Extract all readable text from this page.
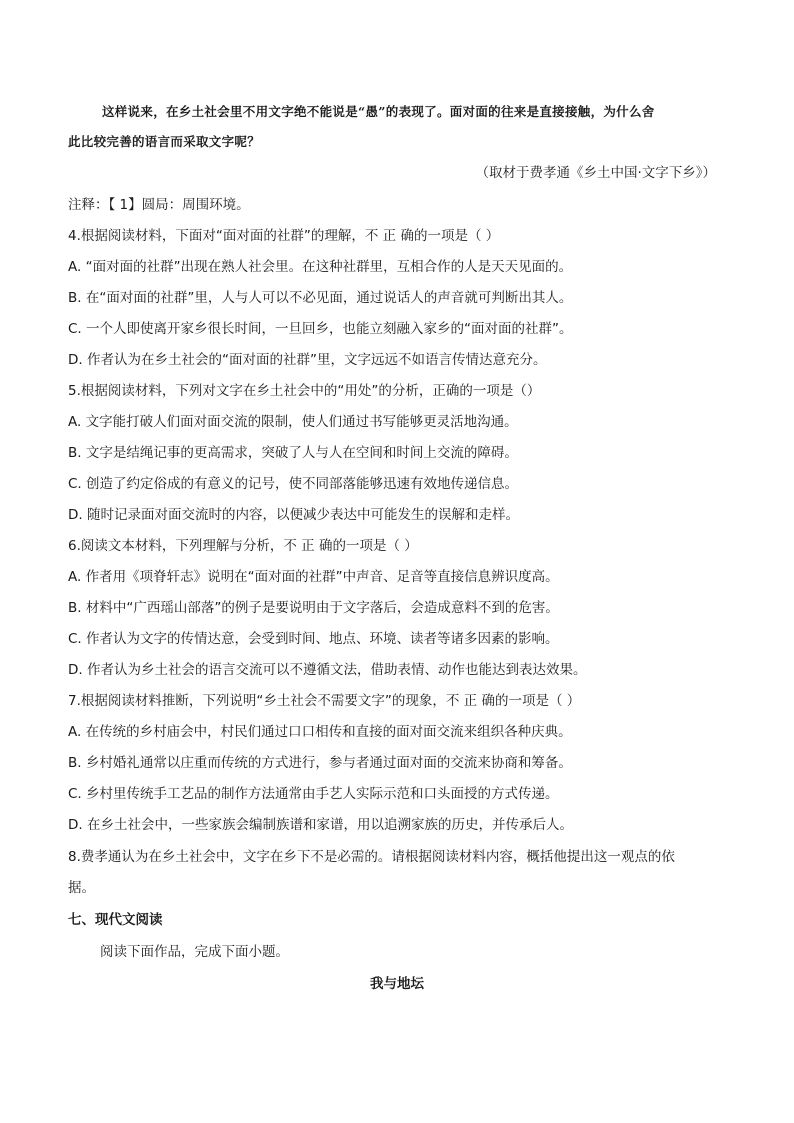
这样说来，在乡土社会里不用文字绝不能说是“愚”的表现了。面对面的往来是直接接触，为什么舍
此比较完善的语言而采取文字呢？
（取材于费孝通《乡土中国·文字下乡》）
注释：【 1】圆局：周围环境。
4.根据阅读材料，下面对“面对面的社群”的理解，不 正 确的一项是（ ）
A. “面对面的社群”出现在熟人社会里。在这种社群里，互相合作的人是天天见面的。
B. 在“面对面的社群”里，人与人可以不必见面，通过说话人的声音就可判断出其人。
C. 一个人即使离开家乡很长时间，一旦回乡，也能立刻融入家乡的“面对面的社群”。
D. 作者认为在乡土社会的“面对面的社群”里，文字远远不如语言传情达意充分。
5.根据阅读材料，下列对文字在乡土社会中的“用处”的分析，正确的一项是（）
A. 文字能打破人们面对面交流的限制，使人们通过书写能够更灵活地沟通。
B. 文字是结绳记事的更高需求，突破了人与人在空间和时间上交流的障碍。
C. 创造了约定俗成的有意义的记号，使不同部落能够迅速有效地传递信息。
D. 随时记录面对面交流时的内容，以便减少表达中可能发生的误解和走样。
6.阅读文本材料，下列理解与分析，不 正 确的一项是（ ）
A. 作者用《项脊轩志》说明在“面对面的社群”中声音、足音等直接信息辨识度高。
B. 材料中“广西瑶山部落”的例子是要说明由于文字落后，会造成意料不到的危害。
C. 作者认为文字的传情达意，会受到时间、地点、环境、读者等诸多因素的影响。
D. 作者认为乡土社会的语言交流可以不遵循文法，借助表情、动作也能达到表达效果。
7.根据阅读材料推断，下列说明“乡土社会不需要文字”的现象，不 正 确的一项是（ ）
A. 在传统的乡村庙会中，村民们通过口口相传和直接的面对面交流来组织各种庆典。
B. 乡村婚礼通常以庄重而传统的方式进行，参与者通过面对面的交流来协商和筹备。
C. 乡村里传统手工艺品的制作方法通常由手艺人实际示范和口头面授的方式传递。
D. 在乡土社会中，一些家族会编制族谱和家谱，用以追溯家族的历史，并传承后人。
8.费孝通认为在乡土社会中，文字在乡下不是必需的。请根据阅读材料内容，概括他提出这一观点的依
据。
七、现代文阅读
阅读下面作品，完成下面小题。
我与地坛
